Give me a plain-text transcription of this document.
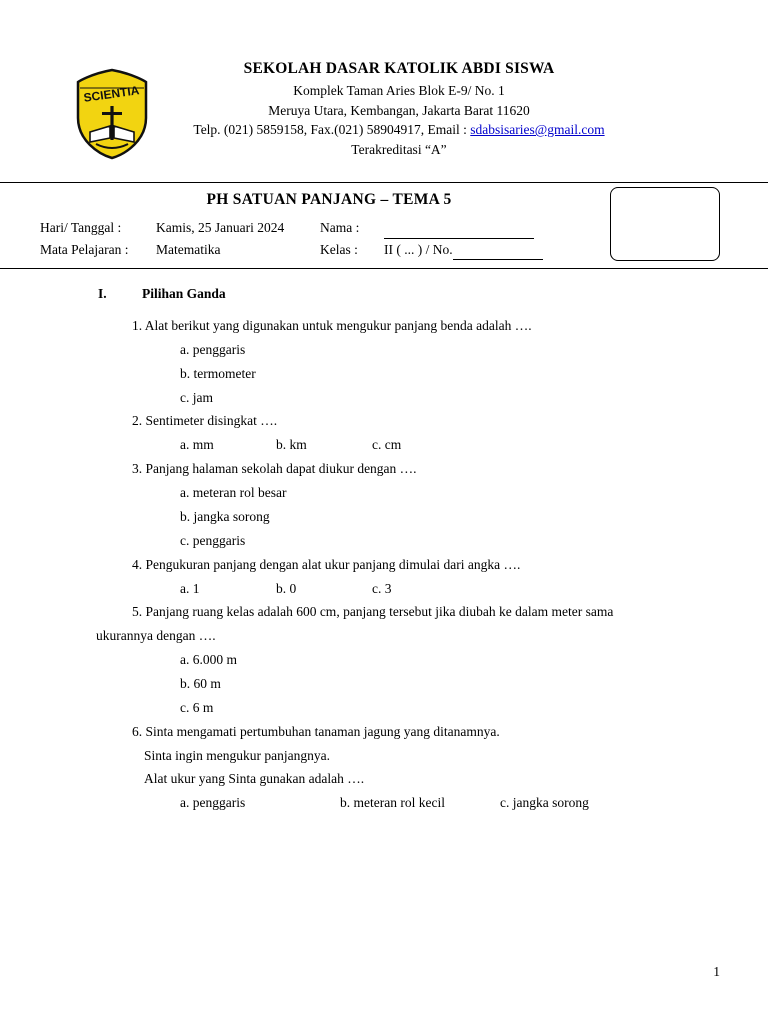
SCIENTIA
SEKOLAH DASAR KATOLIK ABDI SISWA
Komplek Taman Aries Blok E-9/ No. 1
Meruya Utara, Kembangan, Jakarta Barat 11620
Telp. (021) 5859158, Fax.(021) 58904917, Email : sdabsisaries@gmail.com
Terakreditasi “A”
PH SATUAN PANJANG – TEMA 5
Hari/ Tanggal :	Kamis, 25 Januari 2024	Nama :
Mata Pelajaran :	Matematika	Kelas :	II ( ... ) / No.
I.	Pilihan Ganda
1. Alat berikut yang digunakan untuk mengukur panjang benda adalah ….
a. penggaris
b. termometer
c. jam
2. Sentimeter disingkat ….
a. mm	b. km	c. cm
3. Panjang halaman sekolah dapat diukur dengan ….
a. meteran rol besar
b. jangka sorong
c. penggaris
4. Pengukuran panjang dengan alat ukur panjang dimulai dari angka ….
a. 1	b. 0	c. 3
5. Panjang ruang kelas adalah 600 cm, panjang tersebut jika diubah ke dalam meter sama
ukurannya dengan ….
a. 6.000 m
b. 60 m
c. 6 m
6. Sinta mengamati pertumbuhan tanaman jagung yang ditanamnya.
Sinta ingin mengukur panjangnya.
Alat ukur yang Sinta gunakan adalah ….
a. penggaris	b. meteran rol kecil	c. jangka sorong
1
